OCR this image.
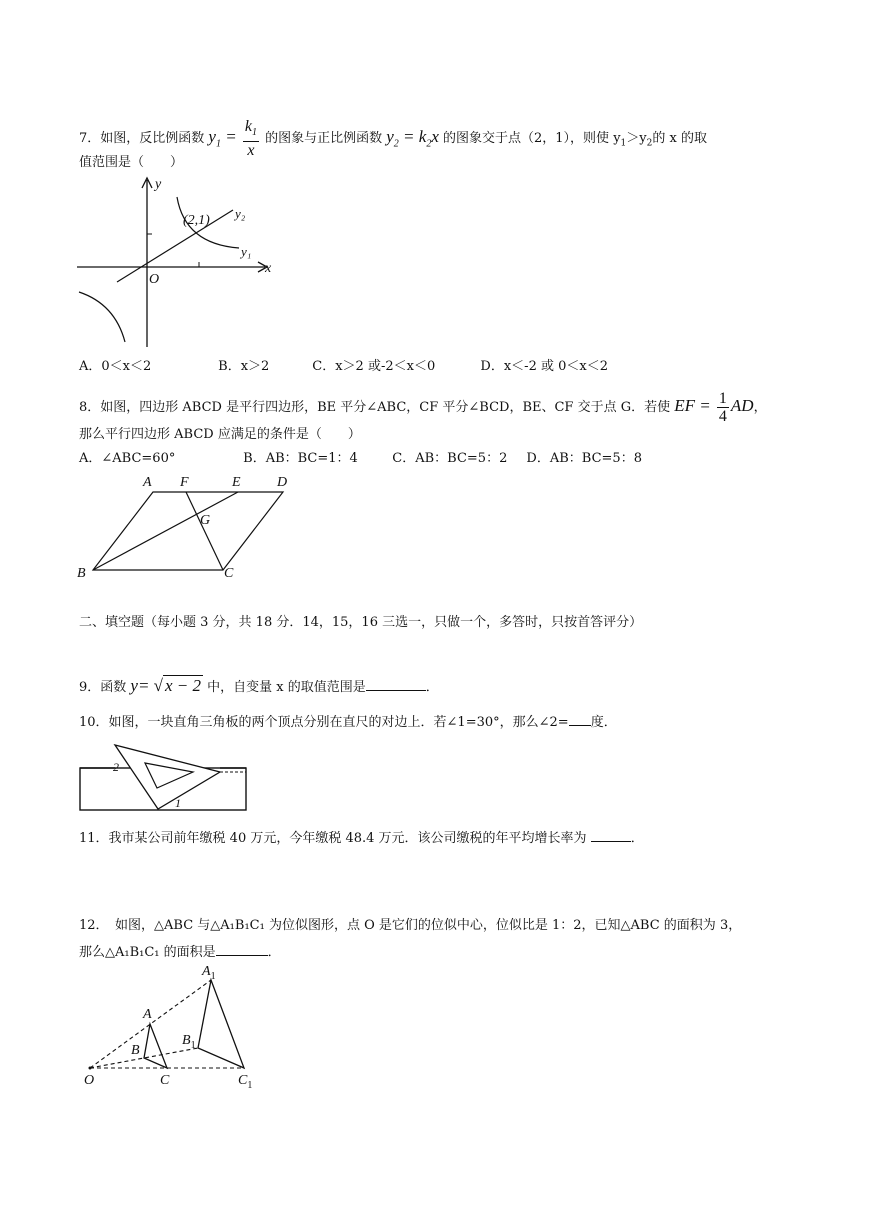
7．如图，反比例函数 $y_1 = \frac{k_1}{x}$ 的图象与正比例函数 $y_2 = k_2x$ 的图象交于点（2，1），则使 $y_1>y_2$的 x 的取
值范围是（　　）
y
x
O
(2,1) y₂
y₁
A．0＜x＜2	B．x＞2	C．x＞2 或-2＜x＜0	D．x＜-2 或 0＜x＜2
8．如图，四边形 ABCD 是平行四边形，BE 平分∠ABC，CF 平分∠BCD，BE、CF 交于点 G．若使 EF = $\frac{1}{4}$ AD，
那么平行四边形 ABCD 应满足的条件是（　　）
A．∠ABC=60°	B．AB：BC=1：4	C．AB：BC=5：2 D．AB：BC=5：8
A F	E	D
G
B	C
二、填空题（每小题 3 分，共 18 分．14，15，16 三选一，只做一个，多答时，只按首答评分）
9．函数 y= √ x − 2 中，自变量 x 的取值范围是	．
10．如图，一块直角三角板的两个顶点分别在直尺的对边上．若∠1=30°，那么∠2= 度．
2
1
11．我市某公司前年缴税 40 万元，今年缴税 48.4 万元．该公司缴税的年平均增长率为	．
12．　如图，△ABC 与△A₁B₁C₁ 为位似图形，点 O 是它们的位似中心，位似比是 1：2，已知△ABC 的面积为 3，
那么△A₁B₁C₁ 的面积是	．
O
A
B
C
$A_1$
$B_1$
$C_1$
